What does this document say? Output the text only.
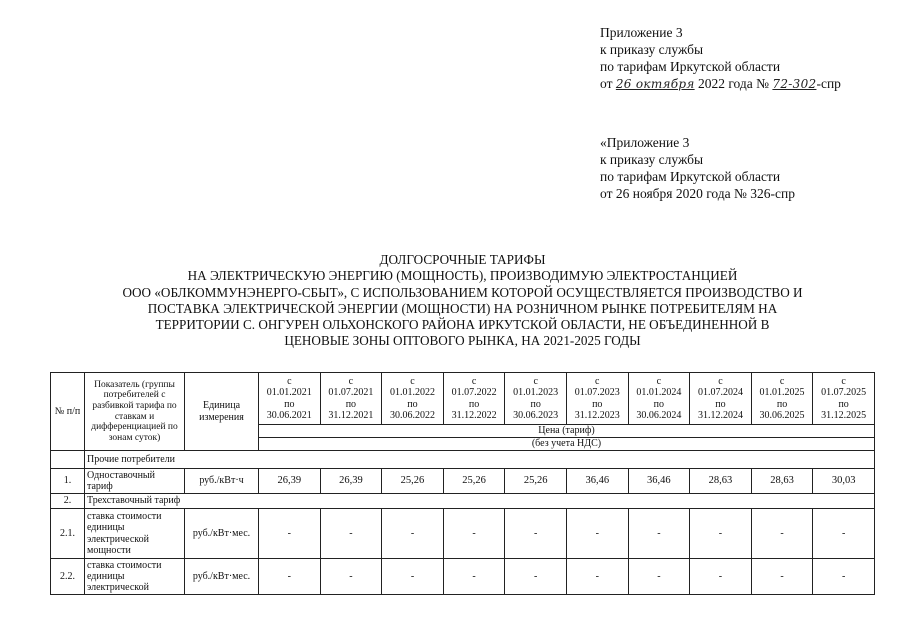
Приложение 3
к приказу службы
по тарифам Иркутской области
от 26 октября 2022 года № 72-302-спр
«Приложение 3
к приказу службы
по тарифам Иркутской области
от 26 ноября 2020 года № 326-спр
ДОЛГОСРОЧНЫЕ ТАРИФЫ
НА ЭЛЕКТРИЧЕСКУЮ ЭНЕРГИЮ (МОЩНОСТЬ), ПРОИЗВОДИМУЮ ЭЛЕКТРОСТАНЦИЕЙ
ООО «ОБЛКОММУНЭНЕРГО-СБЫТ», С ИСПОЛЬЗОВАНИЕМ КОТОРОЙ ОСУЩЕСТВЛЯЕТСЯ ПРОИЗВОДСТВО И
ПОСТАВКА ЭЛЕКТРИЧЕСКОЙ ЭНЕРГИИ (МОЩНОСТИ) НА РОЗНИЧНОМ РЫНКЕ ПОТРЕБИТЕЛЯМ НА
ТЕРРИТОРИИ С. ОНГУРЕН ОЛЬХОНСКОГО РАЙОНА ИРКУТСКОЙ ОБЛАСТИ, НЕ ОБЪЕДИНЕННОЙ В
ЦЕНОВЫЕ ЗОНЫ ОПТОВОГО РЫНКА, НА 2021-2025 ГОДЫ
№ п/п	Показатель (группы потребителей с разбивкой тарифа по ставкам и дифференциацией по зонам суток)	Единица измерения	с
01.01.2021
по
30.06.2021	с
01.07.2021
по
31.12.2021	с
01.01.2022
по
30.06.2022	с
01.07.2022
по
31.12.2022	с
01.01.2023
по
30.06.2023	с
01.07.2023
по
31.12.2023	с
01.01.2024
по
30.06.2024	с
01.07.2024
по
31.12.2024	с
01.01.2025
по
30.06.2025	с
01.07.2025
по
31.12.2025

			Цена (тариф)									
			(без учета НДС)									
	Прочие потребители											
1.	Одноставочный тариф	руб./кВт·ч	26,39	26,39	25,26	25,26	25,26	36,46	36,46	28,63	28,63	30,03
2.	Трехставочный тариф											
2.1.	ставка стоимости единицы электрической мощности	руб./кВт·мес.	-	-	-	-	-	-	-	-	-	-
2.2.	ставка стоимости единицы электрической	руб./кВт·мес.	-	-	-	-	-	-	-	-	-	-
